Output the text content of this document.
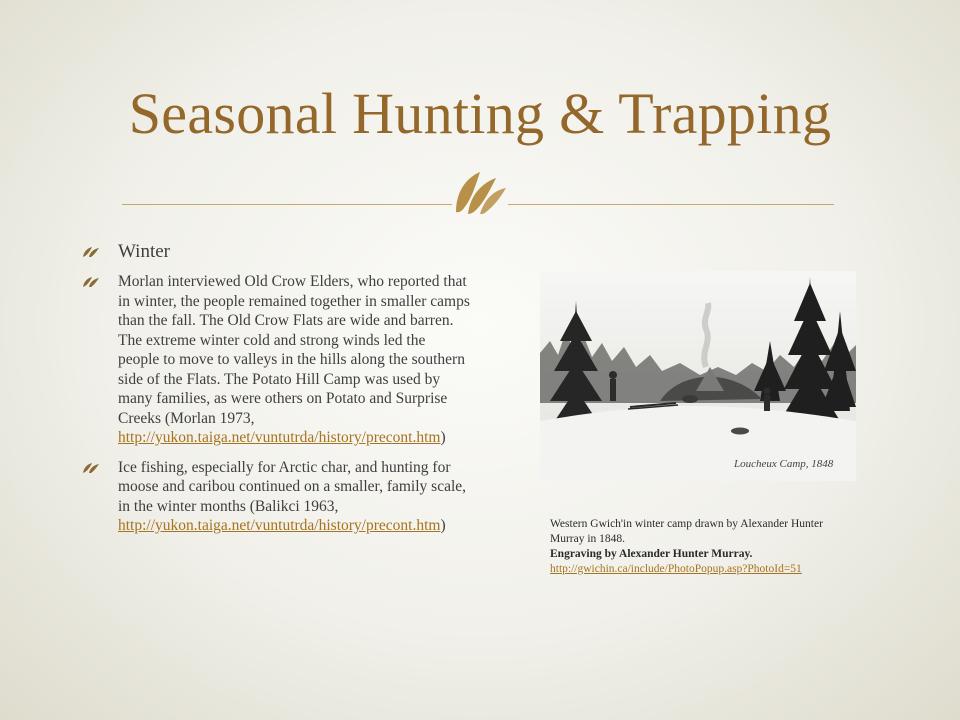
Seasonal Hunting & Trapping
Winter
Morlan interviewed Old Crow Elders, who reported that in winter, the people remained together in smaller camps than the fall. The Old Crow Flats are wide and barren. The extreme winter cold and strong winds led the people to move to valleys in the hills along the southern side of the Flats. The Potato Hill Camp was used by many families, as were others on Potato and Surprise Creeks (Morlan 1973, http://yukon.taiga.net/vuntutrda/history/precont.htm)
Ice fishing, especially for Arctic char, and hunting for moose and caribou continued on a smaller, family scale, in the winter months (Balikci 1963, http://yukon.taiga.net/vuntutrda/history/precont.htm)
Loucheux Camp, 1848
Western Gwich'in winter camp drawn by Alexander Hunter Murray in 1848.
Engraving by Alexander Hunter Murray.
http://gwichin.ca/include/PhotoPopup.asp?PhotoId=51
